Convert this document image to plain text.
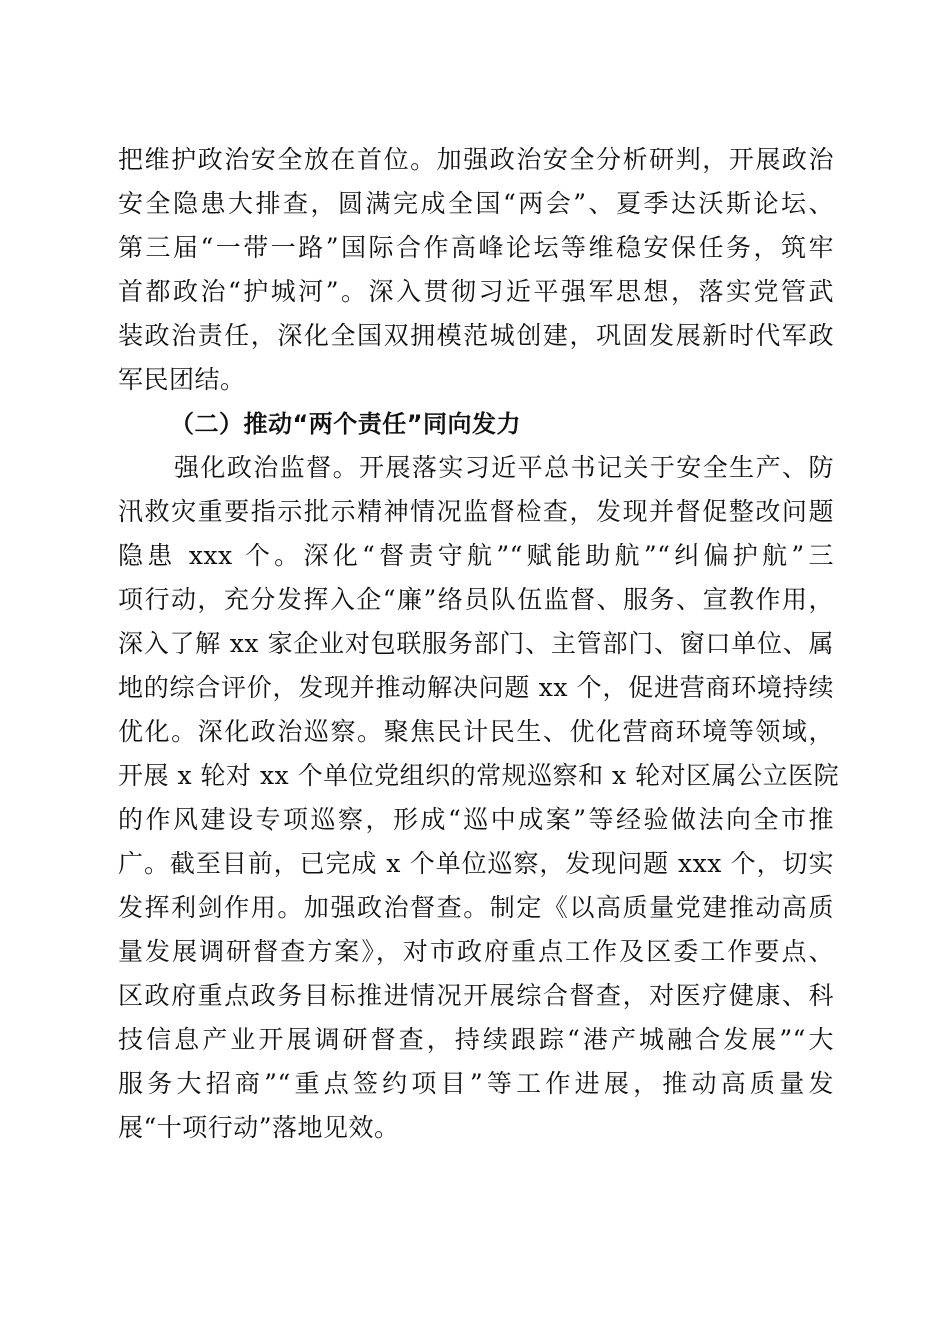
把维护政治安全放在首位。加强政治安全分析研判，开展政治
安全隐患大排查，圆满完成全国“两会”、夏季达沃斯论坛、
第三届“一带一路”国际合作高峰论坛等维稳安保任务，筑牢
首都政治“护城河”。深入贯彻习近平强军思想，落实党管武
装政治责任，深化全国双拥模范城创建，巩固发展新时代军政
军民团结。
（二）推动“两个责任”同向发力
强化政治监督。开展落实习近平总书记关于安全生产、防
汛救灾重要指示批示精神情况监督检查，发现并督促整改问题
隐患 xxx 个。深化“督责守航”“赋能助航”“纠偏护航”三
项行动，充分发挥入企“廉”络员队伍监督、服务、宣教作用，
深入了解 xx 家企业对包联服务部门、主管部门、窗口单位、属
地的综合评价，发现并推动解决问题 xx 个，促进营商环境持续
优化。深化政治巡察。聚焦民计民生、优化营商环境等领域，
开展 x 轮对 xx 个单位党组织的常规巡察和 x 轮对区属公立医院
的作风建设专项巡察，形成“巡中成案”等经验做法向全市推
广。截至目前，已完成 x 个单位巡察，发现问题 xxx 个，切实
发挥利剑作用。加强政治督查。制定《以高质量党建推动高质
量发展调研督查方案》，对市政府重点工作及区委工作要点、
区政府重点政务目标推进情况开展综合督查，对医疗健康、科
技信息产业开展调研督查，持续跟踪“港产城融合发展”“大
服务大招商”“重点签约项目”等工作进展，推动高质量发
展“十项行动”落地见效。
